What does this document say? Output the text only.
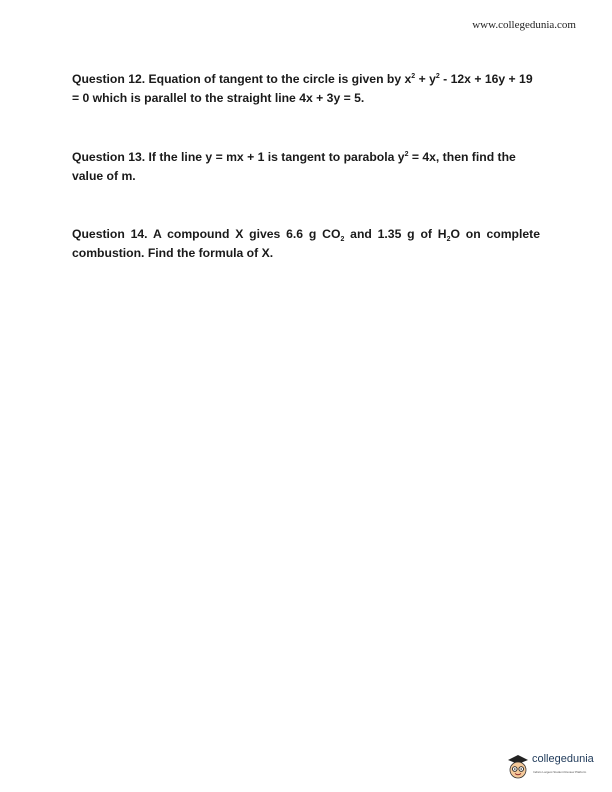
www.collegedunia.com

Question 12. Equation of tangent to the circle is given by $x^2 + y^2 - 12x + 16y + 19 = 0$ which is parallel to the straight line 4x + 3y = 5.

Question 13. If the line y = mx + 1 is tangent to parabola $y^2 = 4x$, then find the value of m.

Question 14. A compound X gives 6.6 g $CO_2$ and 1.35 g of $H_2O$ on complete combustion. Find the formula of X.

collegedunia
India's Largest Student Review Platform
